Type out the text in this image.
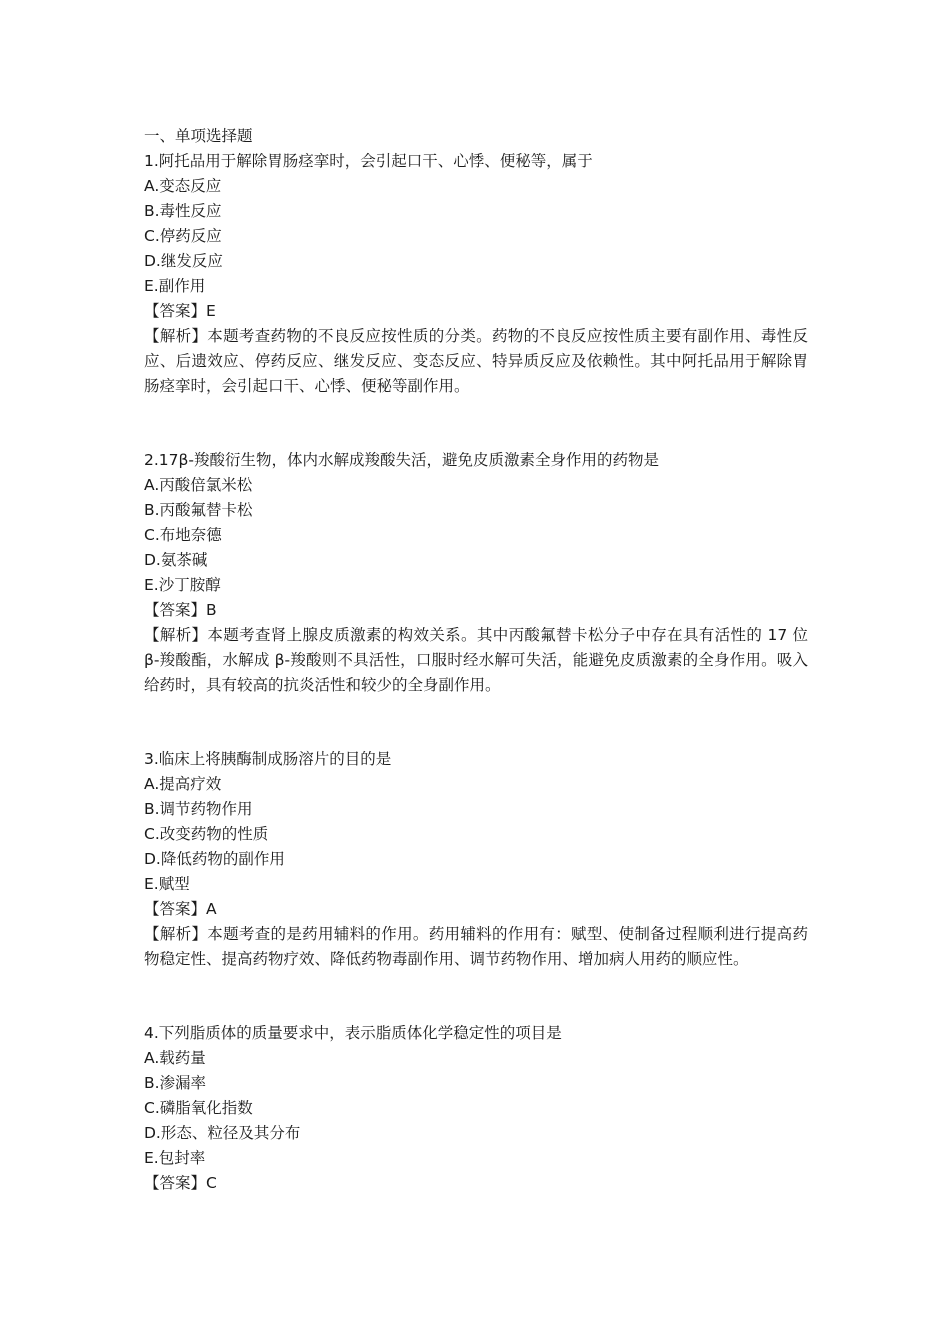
一、单项选择题
1.阿托品用于解除胃肠痉挛时，会引起口干、心悸、便秘等，属于
A.变态反应
B.毒性反应
C.停药反应
D.继发反应
E.副作用
【答案】E
【解析】本题考查药物的不良反应按性质的分类。药物的不良反应按性质主要有副作用、毒性反应、后遗效应、停药反应、继发反应、变态反应、特异质反应及依赖性。其中阿托品用于解除胃肠痉挛时，会引起口干、心悸、便秘等副作用。
2.17β-羧酸衍生物，体内水解成羧酸失活，避免皮质激素全身作用的药物是
A.丙酸倍氯米松
B.丙酸氟替卡松
C.布地奈德
D.氨茶碱
E.沙丁胺醇
【答案】B
【解析】本题考查肾上腺皮质激素的构效关系。其中丙酸氟替卡松分子中存在具有活性的 17 位 β-羧酸酯，水解成 β-羧酸则不具活性，口服时经水解可失活，能避免皮质激素的全身作用。吸入给药时，具有较高的抗炎活性和较少的全身副作用。
3.临床上将胰酶制成肠溶片的目的是
A.提高疗效
B.调节药物作用
C.改变药物的性质
D.降低药物的副作用
E.赋型
【答案】A
【解析】本题考查的是药用辅料的作用。药用辅料的作用有：赋型、使制备过程顺利进行提高药物稳定性、提高药物疗效、降低药物毒副作用、调节药物作用、增加病人用药的顺应性。
4.下列脂质体的质量要求中，表示脂质体化学稳定性的项目是
A.载药量
B.渗漏率
C.磷脂氧化指数
D.形态、粒径及其分布
E.包封率
【答案】C
